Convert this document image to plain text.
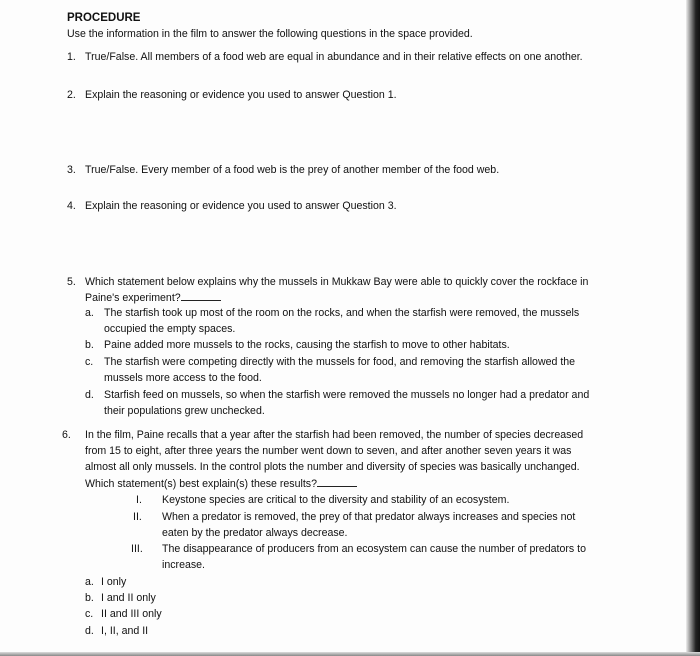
PROCEDURE
Use the information in the film to answer the following questions in the space provided.
1. True/False. All members of a food web are equal in abundance and in their relative effects on one another.
2. Explain the reasoning or evidence you used to answer Question 1.
3. True/False. Every member of a food web is the prey of another member of the food web.
4. Explain the reasoning or evidence you used to answer Question 3.
5. Which statement below explains why the mussels in Mukkaw Bay were able to quickly cover the rockface in
Paine's experiment?
a. The starfish took up most of the room on the rocks, and when the starfish were removed, the mussels
occupied the empty spaces.
b. Paine added more mussels to the rocks, causing the starfish to move to other habitats.
c. The starfish were competing directly with the mussels for food, and removing the starfish allowed the
mussels more access to the food.
d. Starfish feed on mussels, so when the starfish were removed the mussels no longer had a predator and
their populations grew unchecked.
6. In the film, Paine recalls that a year after the starfish had been removed, the number of species decreased
from 15 to eight, after three years the number went down to seven, and after another seven years it was
almost all only mussels. In the control plots the number and diversity of species was basically unchanged.
Which statement(s) best explain(s) these results?
I. Keystone species are critical to the diversity and stability of an ecosystem.
II. When a predator is removed, the prey of that predator always increases and species not
eaten by the predator always decrease.
III. The disappearance of producers from an ecosystem can cause the number of predators to
increase.
a. I only
b. I and II only
c. II and III only
d. I, II, and II
